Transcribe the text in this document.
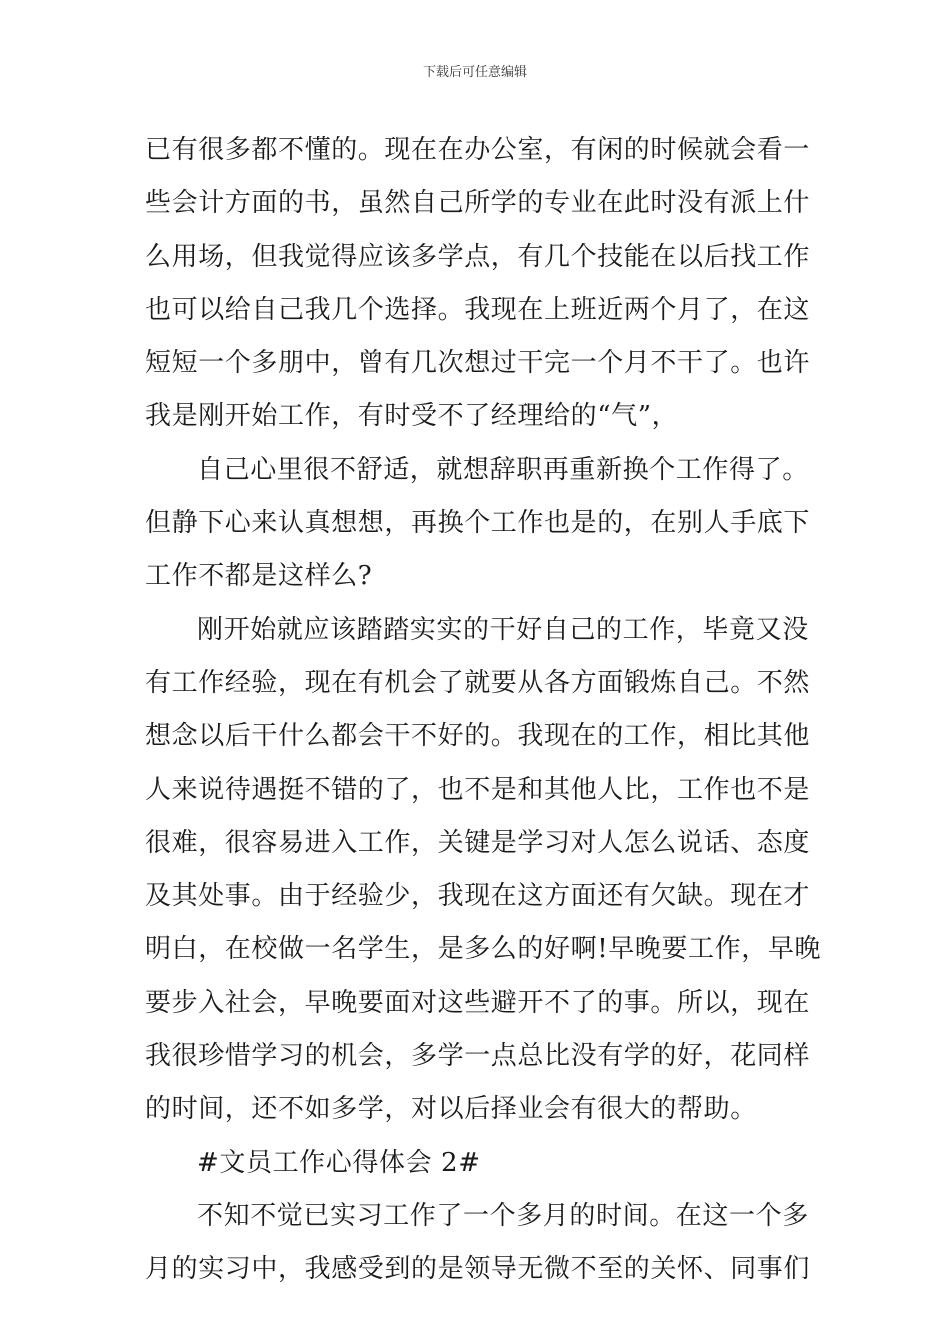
下载后可任意编辑
已有很多都不懂的。现在在办公室，有闲的时候就会看一
些会计方面的书，虽然自己所学的专业在此时没有派上什
么用场，但我觉得应该多学点，有几个技能在以后找工作
也可以给自己我几个选择。我现在上班近两个月了，在这
短短一个多朋中，曾有几次想过干完一个月不干了。也许
我是刚开始工作，有时受不了经理给的“气”，
自己心里很不舒适，就想辞职再重新换个工作得了。
但静下心来认真想想，再换个工作也是的，在别人手底下
工作不都是这样么?
刚开始就应该踏踏实实的干好自己的工作，毕竟又没
有工作经验，现在有机会了就要从各方面锻炼自己。不然
想念以后干什么都会干不好的。我现在的工作，相比其他
人来说待遇挺不错的了，也不是和其他人比，工作也不是
很难，很容易进入工作，关键是学习对人怎么说话、态度
及其处事。由于经验少，我现在这方面还有欠缺。现在才
明白，在校做一名学生，是多么的好啊!早晚要工作，早晚
要步入社会，早晚要面对这些避开不了的事。所以，现在
我很珍惜学习的机会，多学一点总比没有学的好，花同样
的时间，还不如多学，对以后择业会有很大的帮助。
#文员工作心得体会 2#
不知不觉已实习工作了一个多月的时间。在这一个多
月的实习中，我感受到的是领导无微不至的关怀、同事们
